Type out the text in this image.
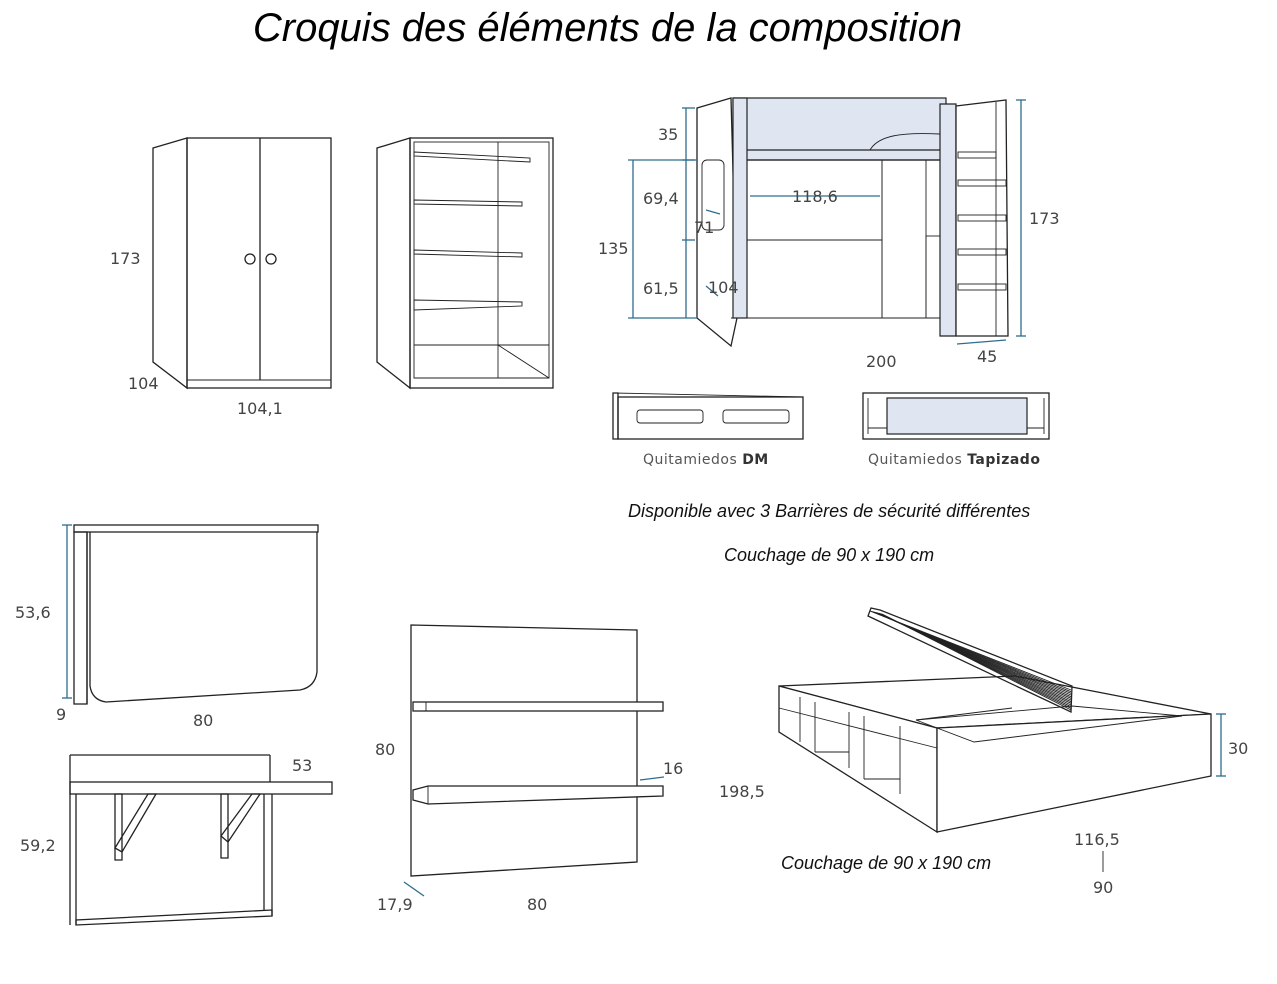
Croquis des éléments de la composition
173
104
104,1
35
69,4
135
61,5
118,6
71
104
173
200	45
Quitamiedos DM	Quitamiedos Tapizado
Disponible avec 3 Barrières de sécurité différentes
Couchage de 90 x 190 cm
53,6
9	80
53
59,2
80
16
17,9	80
30
198,5
116,5
90
Couchage de 90 x 190 cm
